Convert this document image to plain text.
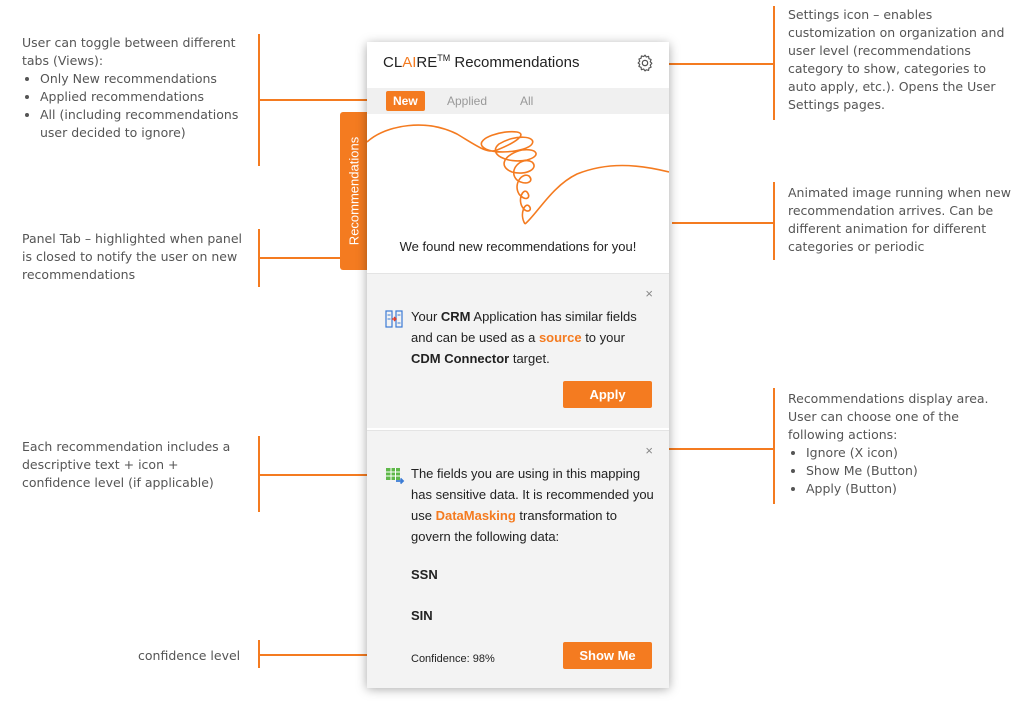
User can toggle between different tabs (Views):
• Only New recommendations
• Applied recommendations
• All (including recommendations user decided to ignore)
Panel Tab – highlighted when panel is closed to notify the user on new recommendations
Each recommendation includes a descriptive text + icon + confidence level (if applicable)
confidence level
Settings icon – enables customization on organization and user level (recommendations category to show, categories to auto apply, etc.). Opens the User Settings pages.
Animated image running when new recommendation arrives. Can be different animation for different categories or periodic
Recommendations display area. User can choose one of the following actions:
• Ignore (X icon)
• Show Me (Button)
• Apply (Button)
Recommendations
CLAIRE™ Recommendations
New	Applied	All
We found new recommendations for you!
×
Your CRM Application has similar fields and can be used as a source to your CDM Connector target.
Apply
×
The fields you are using in this mapping has sensitive data. It is recommended you use DataMasking transformation to govern the following data:
SSN
SIN
Confidence: 98%	Show Me
